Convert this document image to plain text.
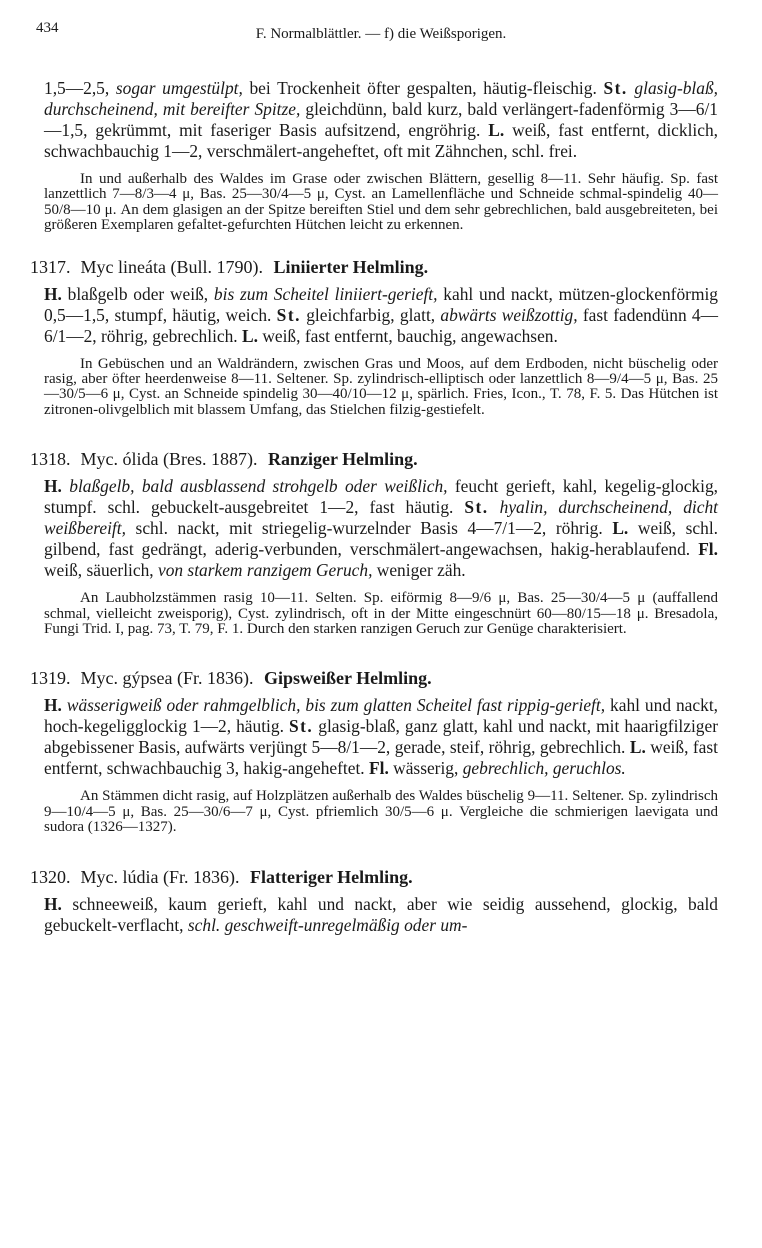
434	F. Normalblättler. — f) die Weißsporigen.

1,5—2,5, sogar umgestülpt, bei Trockenheit öfter gespalten, häutig-fleischig. St. glasig-blaß, durchscheinend, mit bereifter Spitze, gleichdünn, bald kurz, bald verlängert-fadenförmig 3—6/1—1,5, gekrümmt, mit faseriger Basis aufsitzend, engröhrig. L. weiß, fast entfernt, dicklich, schwachbauchig 1—2, verschmälert-angeheftet, oft mit Zähnchen, schl. frei.

In und außerhalb des Waldes im Grase oder zwischen Blättern, gesellig 8—11. Sehr häufig. Sp. fast lanzettlich 7—8/3—4 μ, Bas. 25—30/4—5 μ, Cyst. an Lamellenfläche und Schneide schmal-spindelig 40—50/8—10 μ. An dem glasigen an der Spitze bereiften Stiel und dem sehr gebrechlichen, bald ausgebreiteten, bei größeren Exemplaren gefaltet-gefurchten Hütchen leicht zu erkennen.

1317. Myc lineáta (Bull. 1790). Liniierter Helmling.

H. blaßgelb oder weiß, bis zum Scheitel liniiert-gerieft, kahl und nackt, mützen-glockenförmig 0,5—1,5, stumpf, häutig, weich. St. gleichfarbig, glatt, abwärts weißzottig, fast fadendünn 4—6/1—2, röhrig, gebrechlich. L. weiß, fast entfernt, bauchig, angewachsen.

In Gebüschen und an Waldrändern, zwischen Gras und Moos, auf dem Erdboden, nicht büschelig oder rasig, aber öfter heerdenweise 8—11. Seltener. Sp. zylindrisch-elliptisch oder lanzettlich 8—9/4—5 μ, Bas. 25—30/5—6 μ, Cyst. an Schneide spindelig 30—40/10—12 μ, spärlich. Fries, Icon., T. 78, F. 5. Das Hütchen ist zitronen-olivgelblich mit blassem Umfang, das Stielchen filzig-gestiefelt.

1318. Myc. ólida (Bres. 1887). Ranziger Helmling.

H. blaßgelb, bald ausblassend strohgelb oder weißlich, feucht gerieft, kahl, kegelig-glockig, stumpf. schl. gebuckelt-ausgebreitet 1—2, fast häutig. St. hyalin, durchscheinend, dicht weißbereift, schl. nackt, mit striegelig-wurzelnder Basis 4—7/1—2, röhrig. L. weiß, schl. gilbend, fast gedrängt, aderig-verbunden, verschmälert-angewachsen, hakig-herablaufend. Fl. weiß, säuerlich, von starkem ranzigem Geruch, weniger zäh.

An Laubholzstämmen rasig 10—11. Selten. Sp. eiförmig 8—9/6 μ, Bas. 25—30/4—5 μ (auffallend schmal, vielleicht zweisporig), Cyst. zylindrisch, oft in der Mitte eingeschnürt 60—80/15—18 μ. Bresadola, Fungi Trid. I, pag. 73, T. 79, F. 1. Durch den starken ranzigen Geruch zur Genüge charakterisiert.

1319. Myc. gýpsea (Fr. 1836). Gipsweißer Helmling.

H. wässerigweiß oder rahmgelblich, bis zum glatten Scheitel fast rippig-gerieft, kahl und nackt, hoch-kegeligglockig 1—2, häutig. St. glasig-blaß, ganz glatt, kahl und nackt, mit haarigfilziger abgebissener Basis, aufwärts verjüngt 5—8/1—2, gerade, steif, röhrig, gebrechlich. L. weiß, fast entfernt, schwachbauchig 3, hakig-angeheftet. Fl. wässerig, gebrechlich, geruchlos.

An Stämmen dicht rasig, auf Holzplätzen außerhalb des Waldes büschelig 9—11. Seltener. Sp. zylindrisch 9—10/4—5 μ, Bas. 25—30/6—7 μ, Cyst. pfriemlich 30/5—6 μ. Vergleiche die schmierigen laevigata und sudora (1326—1327).

1320. Myc. lúdia (Fr. 1836). Flatteriger Helmling.

H. schneeweiß, kaum gerieft, kahl und nackt, aber wie seidig aussehend, glockig, bald gebuckelt-verflacht, schl. geschweift-unregelmäßig oder um-
